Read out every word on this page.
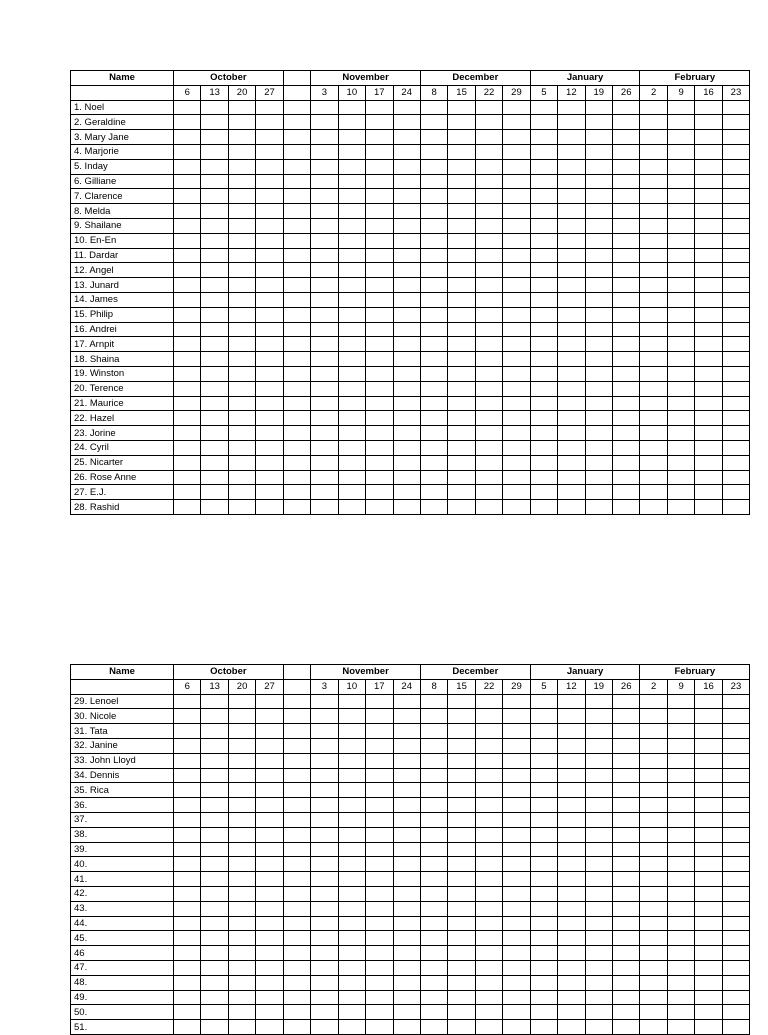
Name	October					November				December				January				February			
	6	13	20	27		3	10	17	24	8	15	22	29	5	12	19	26	2	9	16	23
1. Noel																					
2. Geraldine																					
3. Mary Jane																					
4. Marjorie																					
5. Inday																					
6. Gilliane																					
7. Clarence																					
8. Melda																					
9. Shailane																					
10. En-En																					
11. Dardar																					
12. Angel																					
13. Junard																					
14. James																					
15. Philip																					
16. Andrei																					
17. Arnpit																					
18. Shaina																					
19. Winston																					
20. Terence																					
21. Maurice																					
22. Hazel																					
23. Jorine																					
24. Cyril																					
25. Nicarter																					
26. Rose Anne																					
27. E.J.																					
28. Rashid																					
Name	October					November				December				January				February			
	6	13	20	27		3	10	17	24	8	15	22	29	5	12	19	26	2	9	16	23
29. Lenoel																					
30. Nicole																					
31. Tata																					
32. Janine																					
33. John Lloyd																					
34. Dennis																					
35. Rica																					
36.																					
37.																					
38.																					
39.																					
40.																					
41.																					
42.																					
43.																					
44.																					
45.																					
46																					
47.																					
48.																					
49.																					
50.																					
51.																					
